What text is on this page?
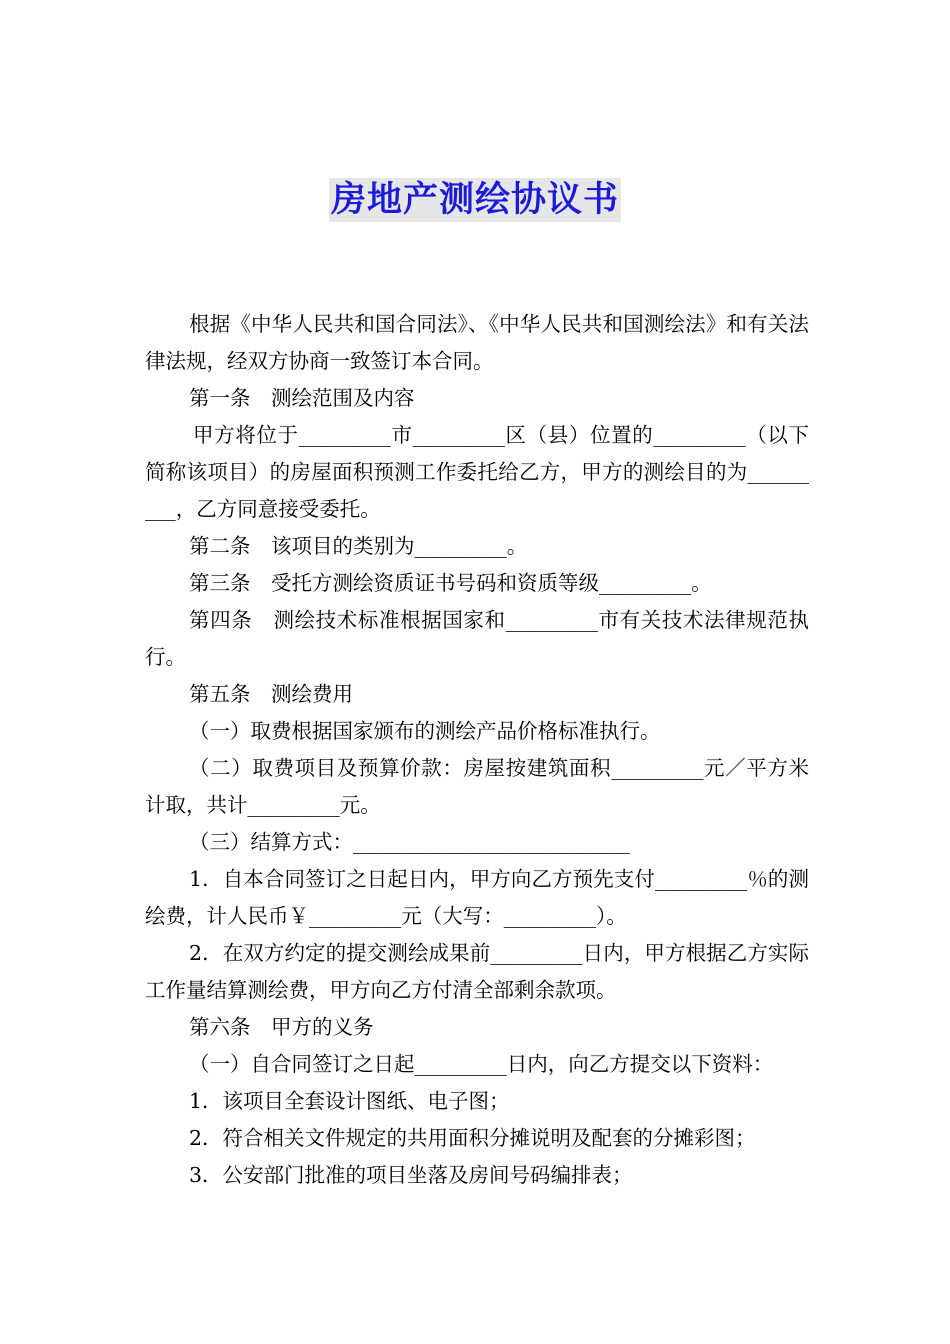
房地产测绘协议书

根据《中华人民共和国合同法》、《中华人民共和国测绘法》和有关法律法规，经双方协商一致签订本合同。

第一条　测绘范围及内容

甲方将位于_________市_________区（县）位置的_________（以下简称该项目）的房屋面积预测工作委托给乙方，甲方的测绘目的为_________，乙方同意接受委托。

第二条　该项目的类别为_________。

第三条　受托方测绘资质证书号码和资质等级_________。

第四条　测绘技术标准根据国家和_________市有关技术法律规范执行。

第五条　测绘费用

（一）取费根据国家颁布的测绘产品价格标准执行。

（二）取费项目及预算价款：房屋按建筑面积_________元／平方米计取，共计_________元。

（三）结算方式：___________________________

1．自本合同签订之日起日内，甲方向乙方预先支付_________％的测绘费，计人民币￥_________元（大写：_________）。

2．在双方约定的提交测绘成果前_________日内，甲方根据乙方实际工作量结算测绘费，甲方向乙方付清全部剩余款项。

第六条　甲方的义务

（一）自合同签订之日起_________日内，向乙方提交以下资料：

1．该项目全套设计图纸、电子图；

2．符合相关文件规定的共用面积分摊说明及配套的分摊彩图；

3．公安部门批准的项目坐落及房间号码编排表；
